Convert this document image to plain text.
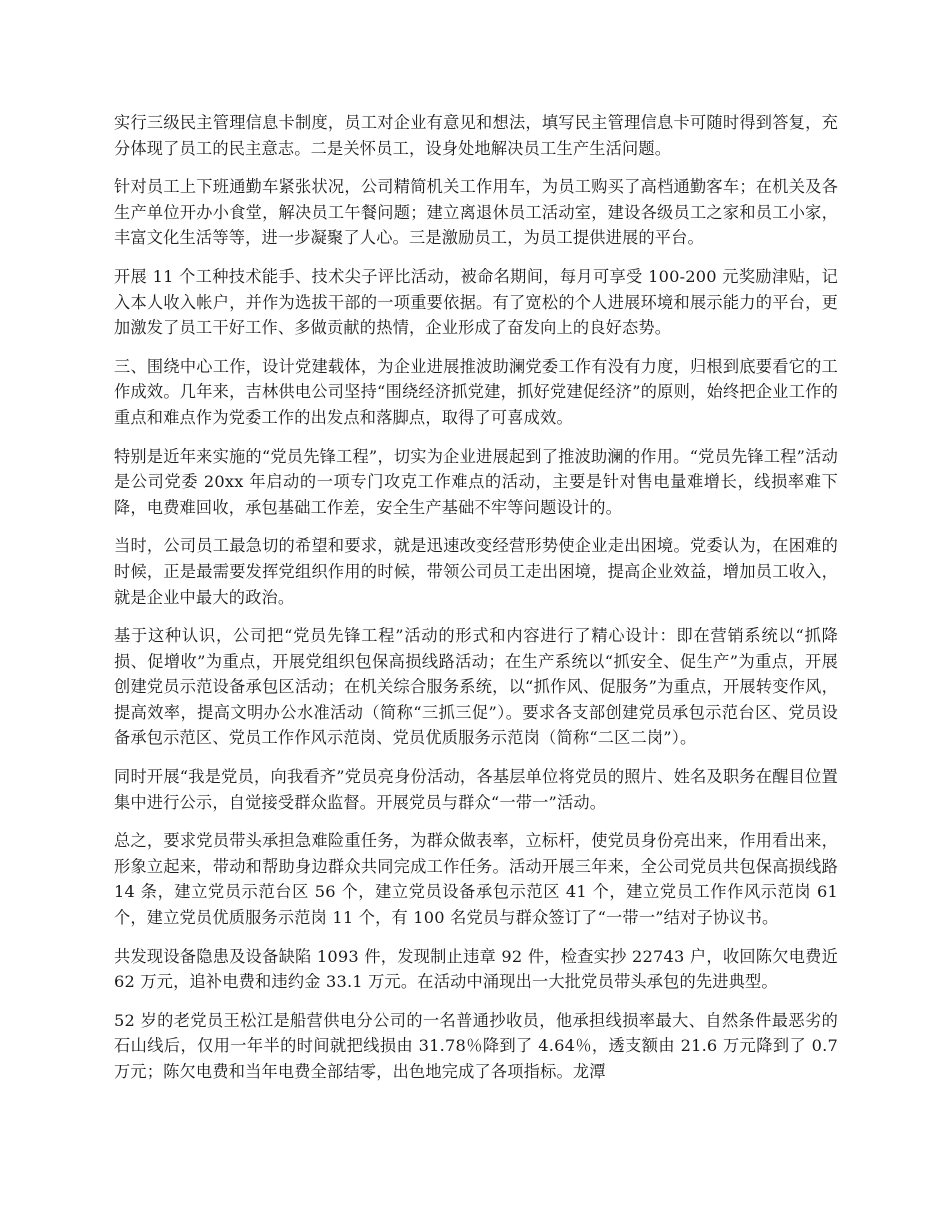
实行三级民主管理信息卡制度，员工对企业有意见和想法，填写民主管理信息卡可随时得到答复，充分体现了员工的民主意志。二是关怀员工，设身处地解决员工生产生活问题。

针对员工上下班通勤车紧张状况，公司精简机关工作用车，为员工购买了高档通勤客车；在机关及各生产单位开办小食堂，解决员工午餐问题；建立离退休员工活动室，建设各级员工之家和员工小家，丰富文化生活等等，进一步凝聚了人心。三是激励员工，为员工提供进展的平台。

开展 11 个工种技术能手、技术尖子评比活动，被命名期间，每月可享受 100-200 元奖励津贴，记入本人收入帐户，并作为选拔干部的一项重要依据。有了宽松的个人进展环境和展示能力的平台，更加激发了员工干好工作、多做贡献的热情，企业形成了奋发向上的良好态势。

三、围绕中心工作，设计党建载体，为企业进展推波助澜党委工作有没有力度，归根到底要看它的工作成效。几年来，吉林供电公司坚持“围绕经济抓党建，抓好党建促经济”的原则，始终把企业工作的重点和难点作为党委工作的出发点和落脚点，取得了可喜成效。

特别是近年来实施的“党员先锋工程”，切实为企业进展起到了推波助澜的作用。“党员先锋工程”活动是公司党委 20xx 年启动的一项专门攻克工作难点的活动，主要是针对售电量难增长，线损率难下降，电费难回收，承包基础工作差，安全生产基础不牢等问题设计的。

当时，公司员工最急切的希望和要求，就是迅速改变经营形势使企业走出困境。党委认为，在困难的时候，正是最需要发挥党组织作用的时候，带领公司员工走出困境，提高企业效益，增加员工收入，就是企业中最大的政治。

基于这种认识，公司把“党员先锋工程”活动的形式和内容进行了精心设计：即在营销系统以“抓降损、促增收”为重点，开展党组织包保高损线路活动；在生产系统以“抓安全、促生产”为重点，开展创建党员示范设备承包区活动；在机关综合服务系统，以“抓作风、促服务”为重点，开展转变作风，提高效率，提高文明办公水准活动（简称“三抓三促”）。要求各支部创建党员承包示范台区、党员设备承包示范区、党员工作作风示范岗、党员优质服务示范岗（简称“二区二岗”）。

同时开展“我是党员，向我看齐”党员亮身份活动，各基层单位将党员的照片、姓名及职务在醒目位置集中进行公示，自觉接受群众监督。开展党员与群众“一带一”活动。

总之，要求党员带头承担急难险重任务，为群众做表率，立标杆，使党员身份亮出来，作用看出来，形象立起来，带动和帮助身边群众共同完成工作任务。活动开展三年来，全公司党员共包保高损线路 14 条，建立党员示范台区 56 个，建立党员设备承包示范区 41 个，建立党员工作作风示范岗 61 个，建立党员优质服务示范岗 11 个，有 100 名党员与群众签订了“一带一”结对子协议书。

共发现设备隐患及设备缺陷 1093 件，发现制止违章 92 件，检查实抄 22743 户，收回陈欠电费近 62 万元，追补电费和违约金 33.1 万元。在活动中涌现出一大批党员带头承包的先进典型。

52 岁的老党员王松江是船营供电分公司的一名普通抄收员，他承担线损率最大、自然条件最恶劣的石山线后，仅用一年半的时间就把线损由 31.78％降到了 4.64％，透支额由 21.6 万元降到了 0.7 万元；陈欠电费和当年电费全部结零，出色地完成了各项指标。龙潭
